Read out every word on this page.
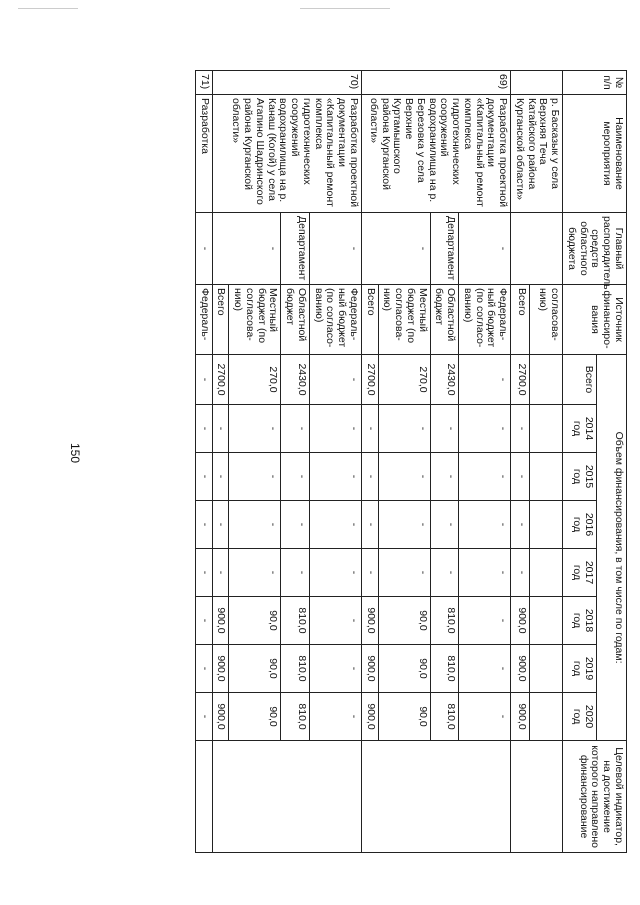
150
№ п/п	Наименование мероприятия	Главный распорядитель средств областного бюджета	Источник финансиро-вания	Объем финансирования, в том числе по годам:								Целевой индикатор, на достижение которого направлено финансирование
				Всего	2014 год	2015 год	2016 год	2017 год	2018 год	2019 год	2020 год	
	р. Басказык у села Верхняя Теча Катайского района Курганской области»		согласова-нию)									
			Всего	2700,0	-	-	-	-	900,0	900,0	900,0	
69)	Разработка проектной документации «Капитальный ремонт комплекса гидротехнических сооружений водохранилища на р. Березовка у села Верхние Куртамышского района Курганской области»	-	Федераль-ный бюджет (по согласо-ванию)	-	-	-	-	-	-	-	-	
		Департамент	Областной бюджет	2430,0	-	-	-	-	810,0	810,0	810,0	
		-	Местный бюджет (по согласова-нию)	270,0	-	-	-	-	90,0	90,0	90,0	
			Всего	2700,0	-	-	-	-	900,0	900,0	900,0	
70)	Разработка проектной документации «Капитальный ремонт комплекса гидротехнических сооружений водохранилища на р. Канаш (Когой) у села Агапино Шадринского района Курганской области»	-	Федераль-ный бюджет (по согласо-ванию)	-	-	-	-	-	-	-	-	
		Департамент	Областной бюджет	2430,0	-	-	-	-	810,0	810,0	810,0	
		-	Местный бюджет (по согласова-нию)	270,0	-	-	-	-	90,0	90,0	90,0	
			Всего	2700,0	-	-	-	-	900,0	900,0	900,0	
71)	Разработка	-	Федераль-	-	-	-	-	-	-	-	-	
